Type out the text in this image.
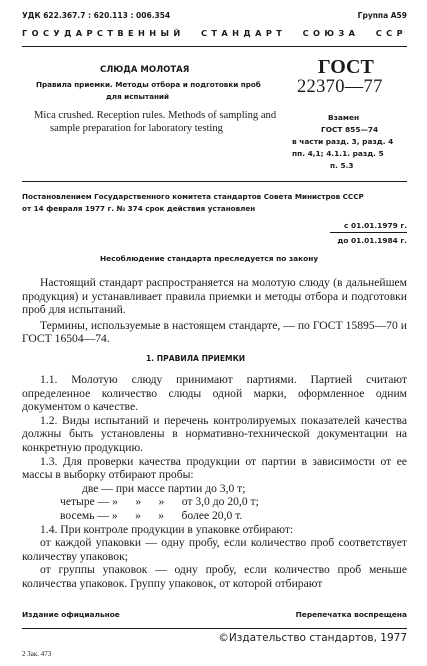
УДК 622.367.7 : 620.113 : 006.354	Группа А59
ГОСУДАРСТВЕННЫЙ СТАНДАРТ СОЮЗА ССР
СЛЮДА МОЛОТАЯ
Правила приемки. Методы отбора и подготовки проб
для испытаний
Mica crushed. Reception rules. Methods of sampling and
sample preparation for laboratory testing
ГОСТ
22370—77
Взамен
ГОСТ 855—74
в части разд. 3, разд. 4
пп. 4,1; 4.1.1. разд. 5
п. 5.3
Постановлением Государственного комитета стандартов Совета Министров СССР
от 14 февраля 1977 г. № 374 срок действия установлен
с 01.01.1979 г.
до 01.01.1984 г.
Несоблюдение стандарта преследуется по закону

Настоящий стандарт распространяется на молотую слюду (в дальнейшем продукция) и устанавливает правила приемки и методы отбора и подготовки проб для испытаний.

Термины, используемые в настоящем стандарте, — по ГОСТ 15895—70 и ГОСТ 16504—74.

1. ПРАВИЛА ПРИЕМКИ

1.1. Молотую слюду принимают партиями. Партией считают определенное количество слюды одной марки, оформленное одним документом о качестве.

1.2. Виды испытаний и перечень контролируемых показателей качества должны быть установлены в нормативно-технической документации на конкретную продукцию.

1.3. Для проверки качества продукции от партии в зависимости от ее массы в выборку отбирают пробы:

две — при массе партии до 3,0 т;

четыре — »      »      »      от 3,0 до 20,0 т;

восемь — »      »      »      более 20,0 т.

1.4. При контроле продукции в упаковке отбирают:

от каждой упаковки — одну пробу, если количество проб соответствует количеству упаковок;

от группы упаковок — одну пробу, если количество проб меньше количества упаковок. Группу упаковок, от которой отбирают

Издание официальное	Перепечатка воспрещена
©Издательство стандартов, 1977
2 Зак. 473
